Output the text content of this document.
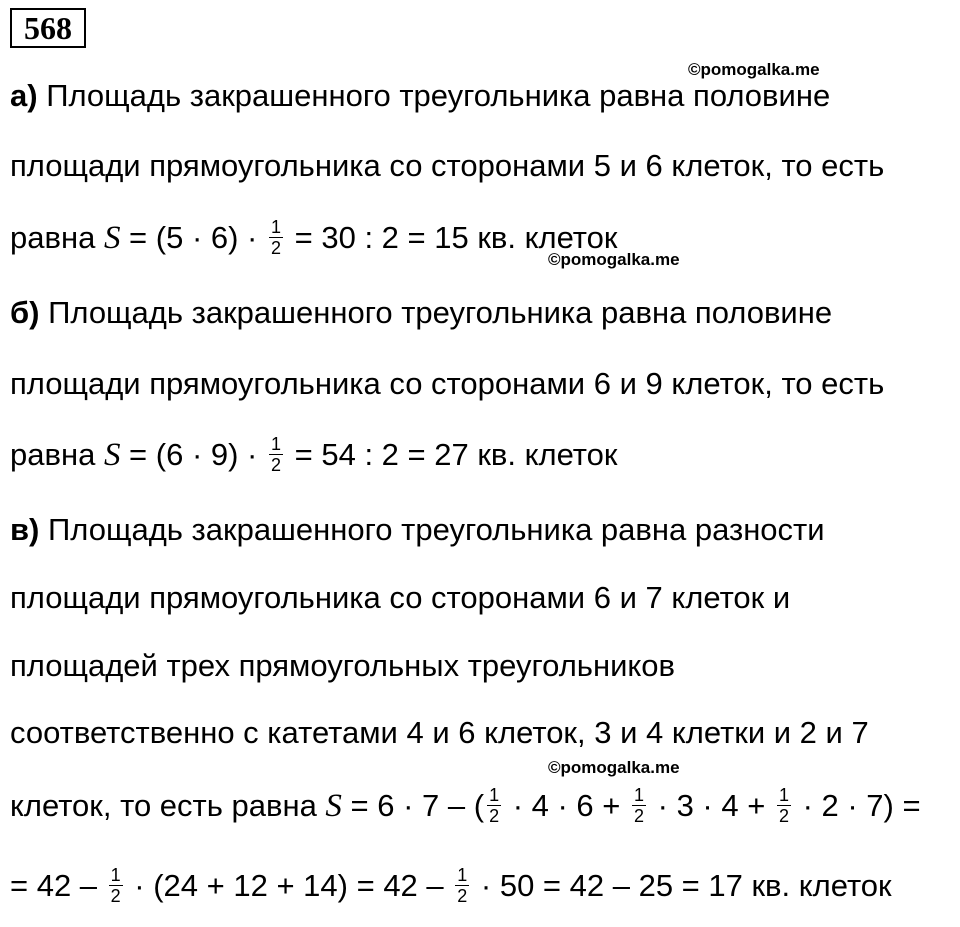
568
©pomogalka.me
©pomogalka.me
©pomogalka.me
а) Площадь закрашенного треугольника равна половине
площади прямоугольника со сторонами 5 и 6 клеток, то есть
равна $S = (5 \cdot 6) \cdot \frac{1}{2} = 30$ : 2 = 15 кв. клеток
б) Площадь закрашенного треугольника равна половине
площади прямоугольника со сторонами 6 и 9 клеток, то есть
равна $S = (6 \cdot 9) \cdot \frac{1}{2} = 54$ : 2 = 27 кв. клеток
в) Площадь закрашенного треугольника равна разности
площади прямоугольника со сторонами 6 и 7 клеток и
площадей трех прямоугольных треугольников
соответственно с катетами 4 и 6 клеток, 3 и 4 клетки и 2 и 7
клеток, то есть равна S = 6 · 7 – ( $\frac{1}{2} \cdot 4 \cdot 6 + \frac{1}{2} \cdot 3 \cdot 4 + \frac{1}{2} \cdot 2 \cdot 7$) =
= $42 - \frac{1}{2} \cdot (24 + 12 + 14) = 42 - \frac{1}{2} \cdot 50 = 42 - 25 = 17$ кв. клеток
